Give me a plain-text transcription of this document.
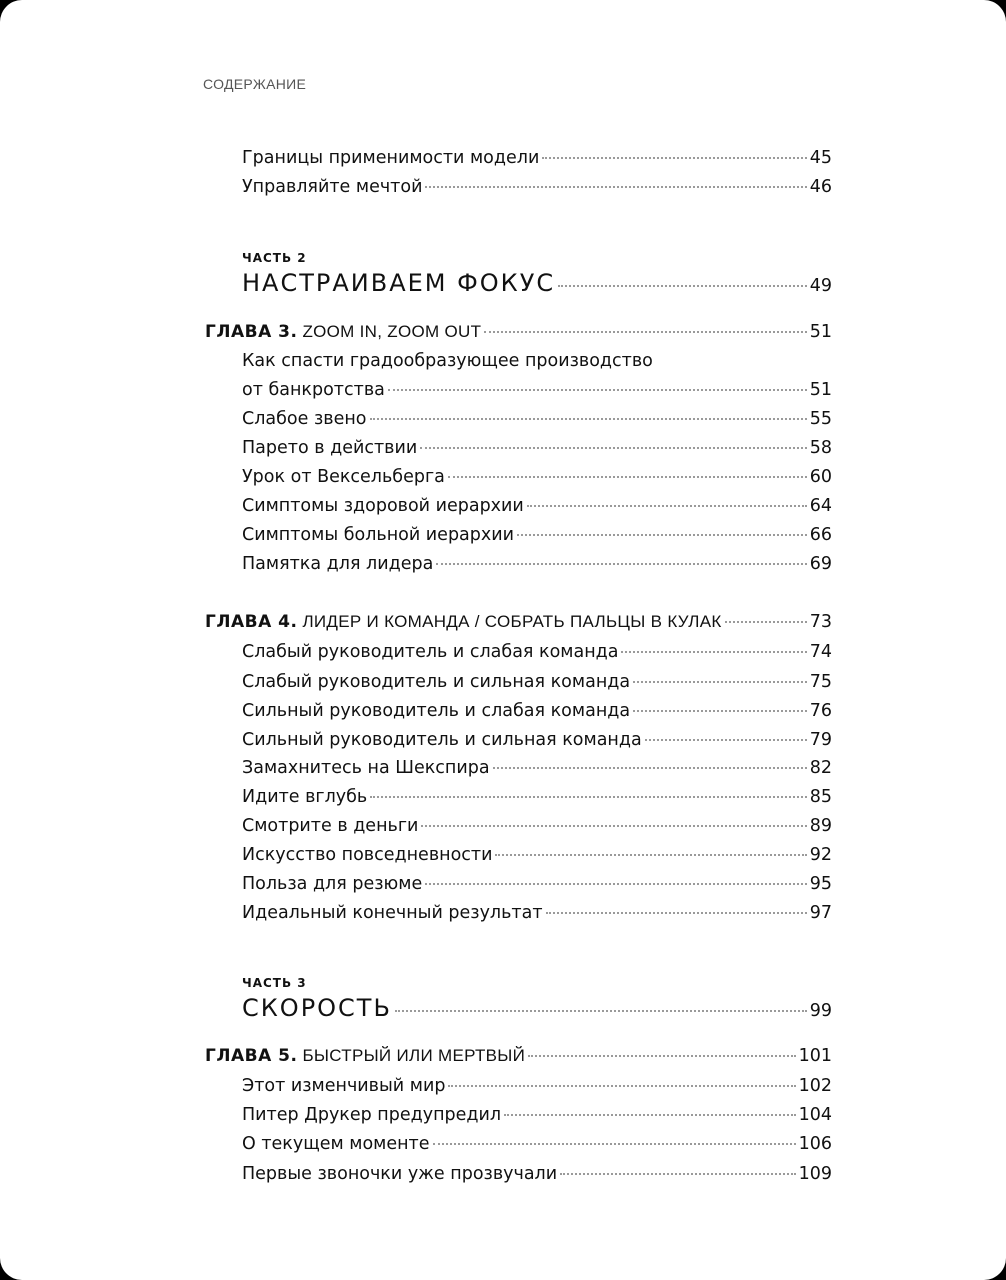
СОДЕРЖАНИЕ
Границы применимости модели	45
Управляйте мечтой	46
ЧАСТЬ 2
НАСТРАИВАЕМ ФОКУС	49
ГЛАВА 3. ZOOM IN, ZOOM OUT	51
Как спасти градообразующее производство
от банкротства	51
Слабое звено	55
Парето в действии	58
Урок от Вексельберга	60
Симптомы здоровой иерархии	64
Симптомы больной иерархии	66
Памятка для лидера	69
ГЛАВА 4. ЛИДЕР И КОМАНДА / СОБРАТЬ ПАЛЬЦЫ В КУЛАК	73
Слабый руководитель и слабая команда	74
Слабый руководитель и сильная команда	75
Сильный руководитель и слабая команда	76
Сильный руководитель и сильная команда	79
Замахнитесь на Шекспира	82
Идите вглубь	85
Смотрите в деньги	89
Искусство повседневности	92
Польза для резюме	95
Идеальный конечный результат	97
ЧАСТЬ 3
СКОРОСТЬ	99
ГЛАВА 5. БЫСТРЫЙ ИЛИ МЕРТВЫЙ	101
Этот изменчивый мир	102
Питер Друкер предупредил	104
О текущем моменте	106
Первые звоночки уже прозвучали	109
